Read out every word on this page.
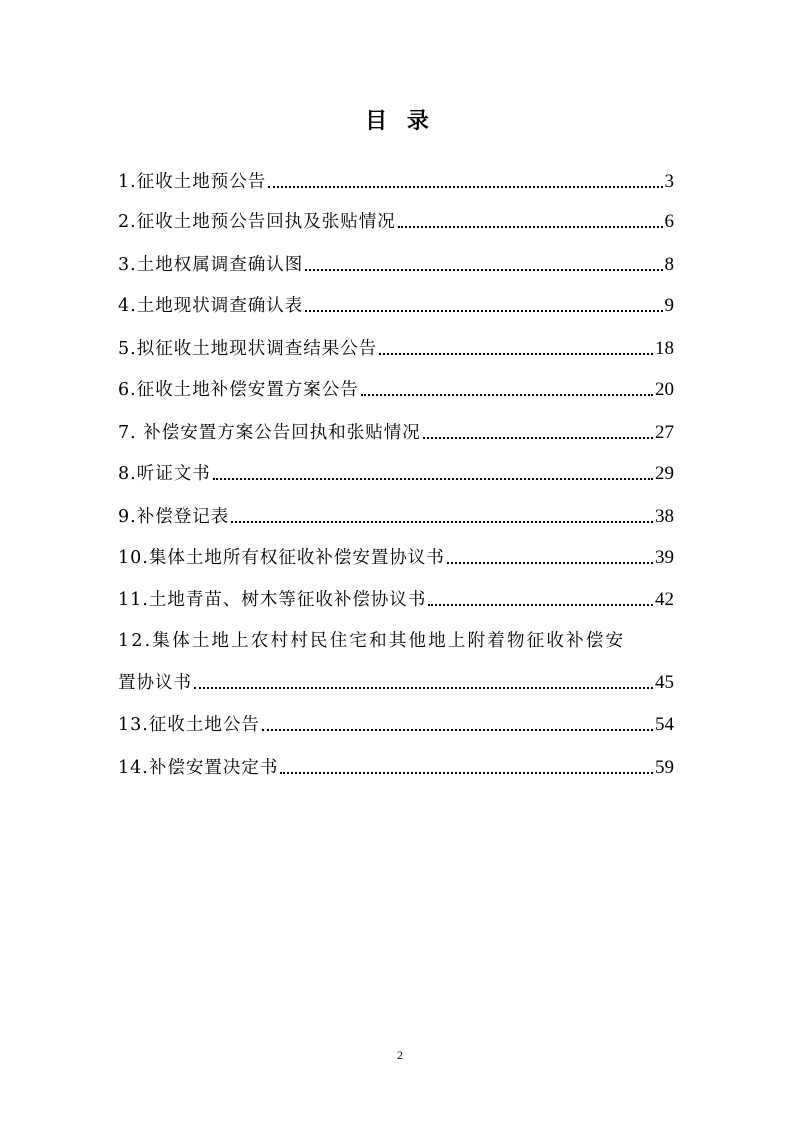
目 录
1.征收土地预公告	3
2.征收土地预公告回执及张贴情况	6
3.土地权属调查确认图	8
4.土地现状调查确认表	9
5.拟征收土地现状调查结果公告	18
6.征收土地补偿安置方案公告	20
7. 补偿安置方案公告回执和张贴情况	27
8.听证文书	29
9.补偿登记表	38
10.集体土地所有权征收补偿安置协议书	39
11.土地青苗、树木等征收补偿协议书	42
12.集体土地上农村村民住宅和其他地上附着物征收补偿安
置协议书	45
13.征收土地公告	54
14.补偿安置决定书	59
2
